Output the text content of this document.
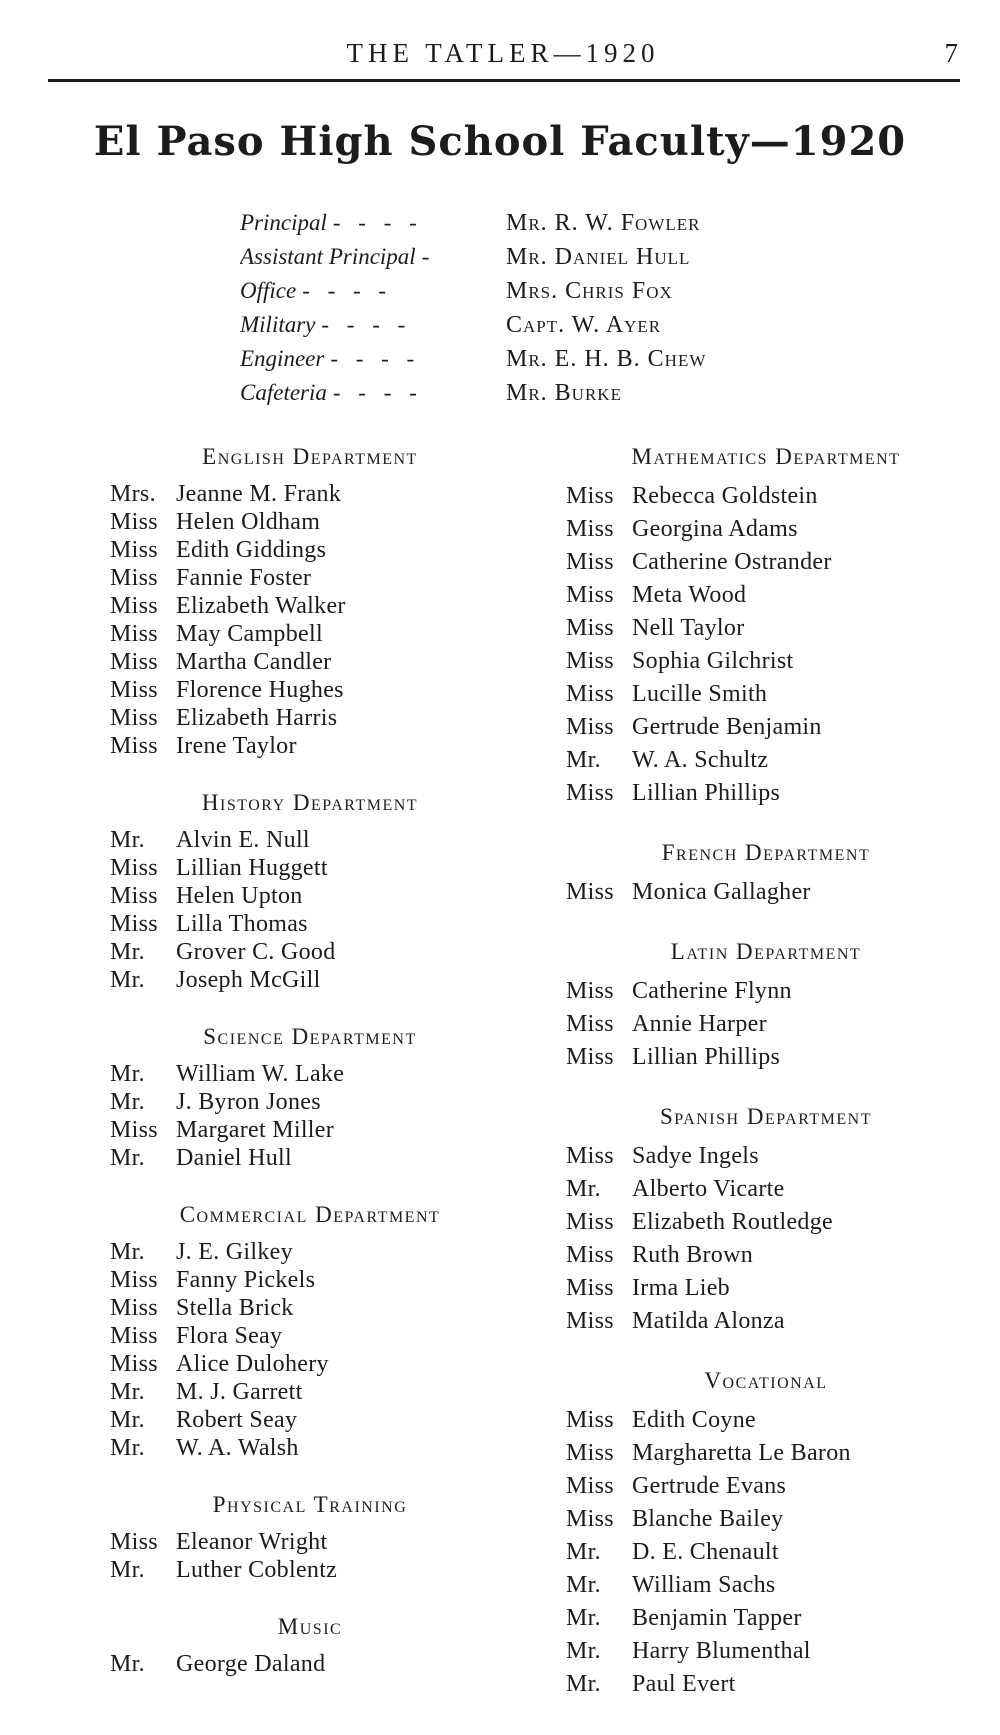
THE TATLER—1920	7
El Paso High School Faculty—1920
Principal - - - -	Mr. R. W. Fowler
Assistant Principal -	Mr. Daniel Hull
Office - - - -	Mrs. Chris Fox
Military - - - -	Capt. W. Ayer
Engineer - - - -	Mr. E. H. B. Chew
Cafeteria - - - -	Mr. Burke
English Department
Mrs. Jeanne M. Frank
Miss Helen Oldham
Miss Edith Giddings
Miss Fannie Foster
Miss Elizabeth Walker
Miss May Campbell
Miss Martha Candler
Miss Florence Hughes
Miss Elizabeth Harris
Miss Irene Taylor
History Department
Mr. Alvin E. Null
Miss Lillian Huggett
Miss Helen Upton
Miss Lilla Thomas
Mr. Grover C. Good
Mr. Joseph McGill
Science Department
Mr. William W. Lake
Mr. J. Byron Jones
Miss Margaret Miller
Mr. Daniel Hull
Commercial Department
Mr. J. E. Gilkey
Miss Fanny Pickels
Miss Stella Brick
Miss Flora Seay
Miss Alice Dulohery
Mr. M. J. Garrett
Mr. Robert Seay
Mr. W. A. Walsh
Physical Training
Miss Eleanor Wright
Mr. Luther Coblentz
Music
Mr. George Daland
Mathematics Department
Miss Rebecca Goldstein
Miss Georgina Adams
Miss Catherine Ostrander
Miss Meta Wood
Miss Nell Taylor
Miss Sophia Gilchrist
Miss Lucille Smith
Miss Gertrude Benjamin
Mr. W. A. Schultz
Miss Lillian Phillips
French Department
Miss Monica Gallagher
Latin Department
Miss Catherine Flynn
Miss Annie Harper
Miss Lillian Phillips
Spanish Department
Miss Sadye Ingels
Mr. Alberto Vicarte
Miss Elizabeth Routledge
Miss Ruth Brown
Miss Irma Lieb
Miss Matilda Alonza
Vocational
Miss Edith Coyne
Miss Margharetta Le Baron
Miss Gertrude Evans
Miss Blanche Bailey
Mr. D. E. Chenault
Mr. William Sachs
Mr. Benjamin Tapper
Mr. Harry Blumenthal
Mr. Paul Evert
